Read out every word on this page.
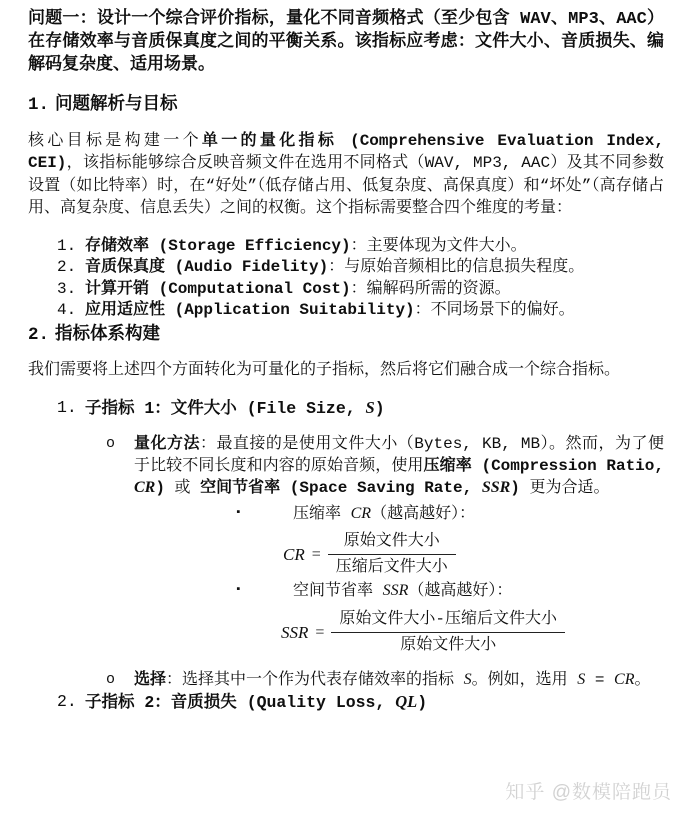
问题一：设计一个综合评价指标，量化不同音频格式（至少包含 WAV、MP3、AAC）在存储效率与音质保真度之间的平衡关系。该指标应考虑：文件大小、音质损失、编解码复杂度、适用场景。

1. 问题解析与目标

核心目标是构建一个单一的量化指标 (Comprehensive Evaluation Index, CEI)，该指标能够综合反映音频文件在选用不同格式（WAV, MP3, AAC）及其不同参数设置（如比特率）时，在“好处”（低存储占用、低复杂度、高保真度）和“坏处”（高存储占用、高复杂度、信息丢失）之间的权衡。这个指标需要整合四个维度的考量：

1. 存储效率 (Storage Efficiency)：主要体现为文件大小。
2. 音质保真度 (Audio Fidelity)：与原始音频相比的信息损失程度。
3. 计算开销 (Computational Cost)：编解码所需的资源。
4. 应用适应性 (Application Suitability)：不同场景下的偏好。
2. 指标体系构建

我们需要将上述四个方面转化为可量化的子指标，然后将它们融合成一个综合指标。

1. 子指标 1：文件大小 (File Size, S)
o	量化方法：最直接的是使用文件大小（Bytes, KB, MB）。然而，为了便于比较不同长度和内容的原始音频，使用压缩率 (Compression Ratio, CR) 或 空间节省率 (Space Saving Rate, SSR) 更为合适。
▪	压缩率 CR（越高越好）：
CR = $\frac{\text{原始文件大小}}{\text{压缩后文件大小}}$
▪	空间节省率 SSR（越高越好）：
SSR = $\frac{\text{原始文件大小-压缩后文件大小}}{\text{原始文件大小}}$
o	选择：选择其中一个作为代表存储效率的指标 S。例如，选用 S = CR。
2. 子指标 2：音质损失 (Quality Loss, QL)
知乎 @数模陪跑员
